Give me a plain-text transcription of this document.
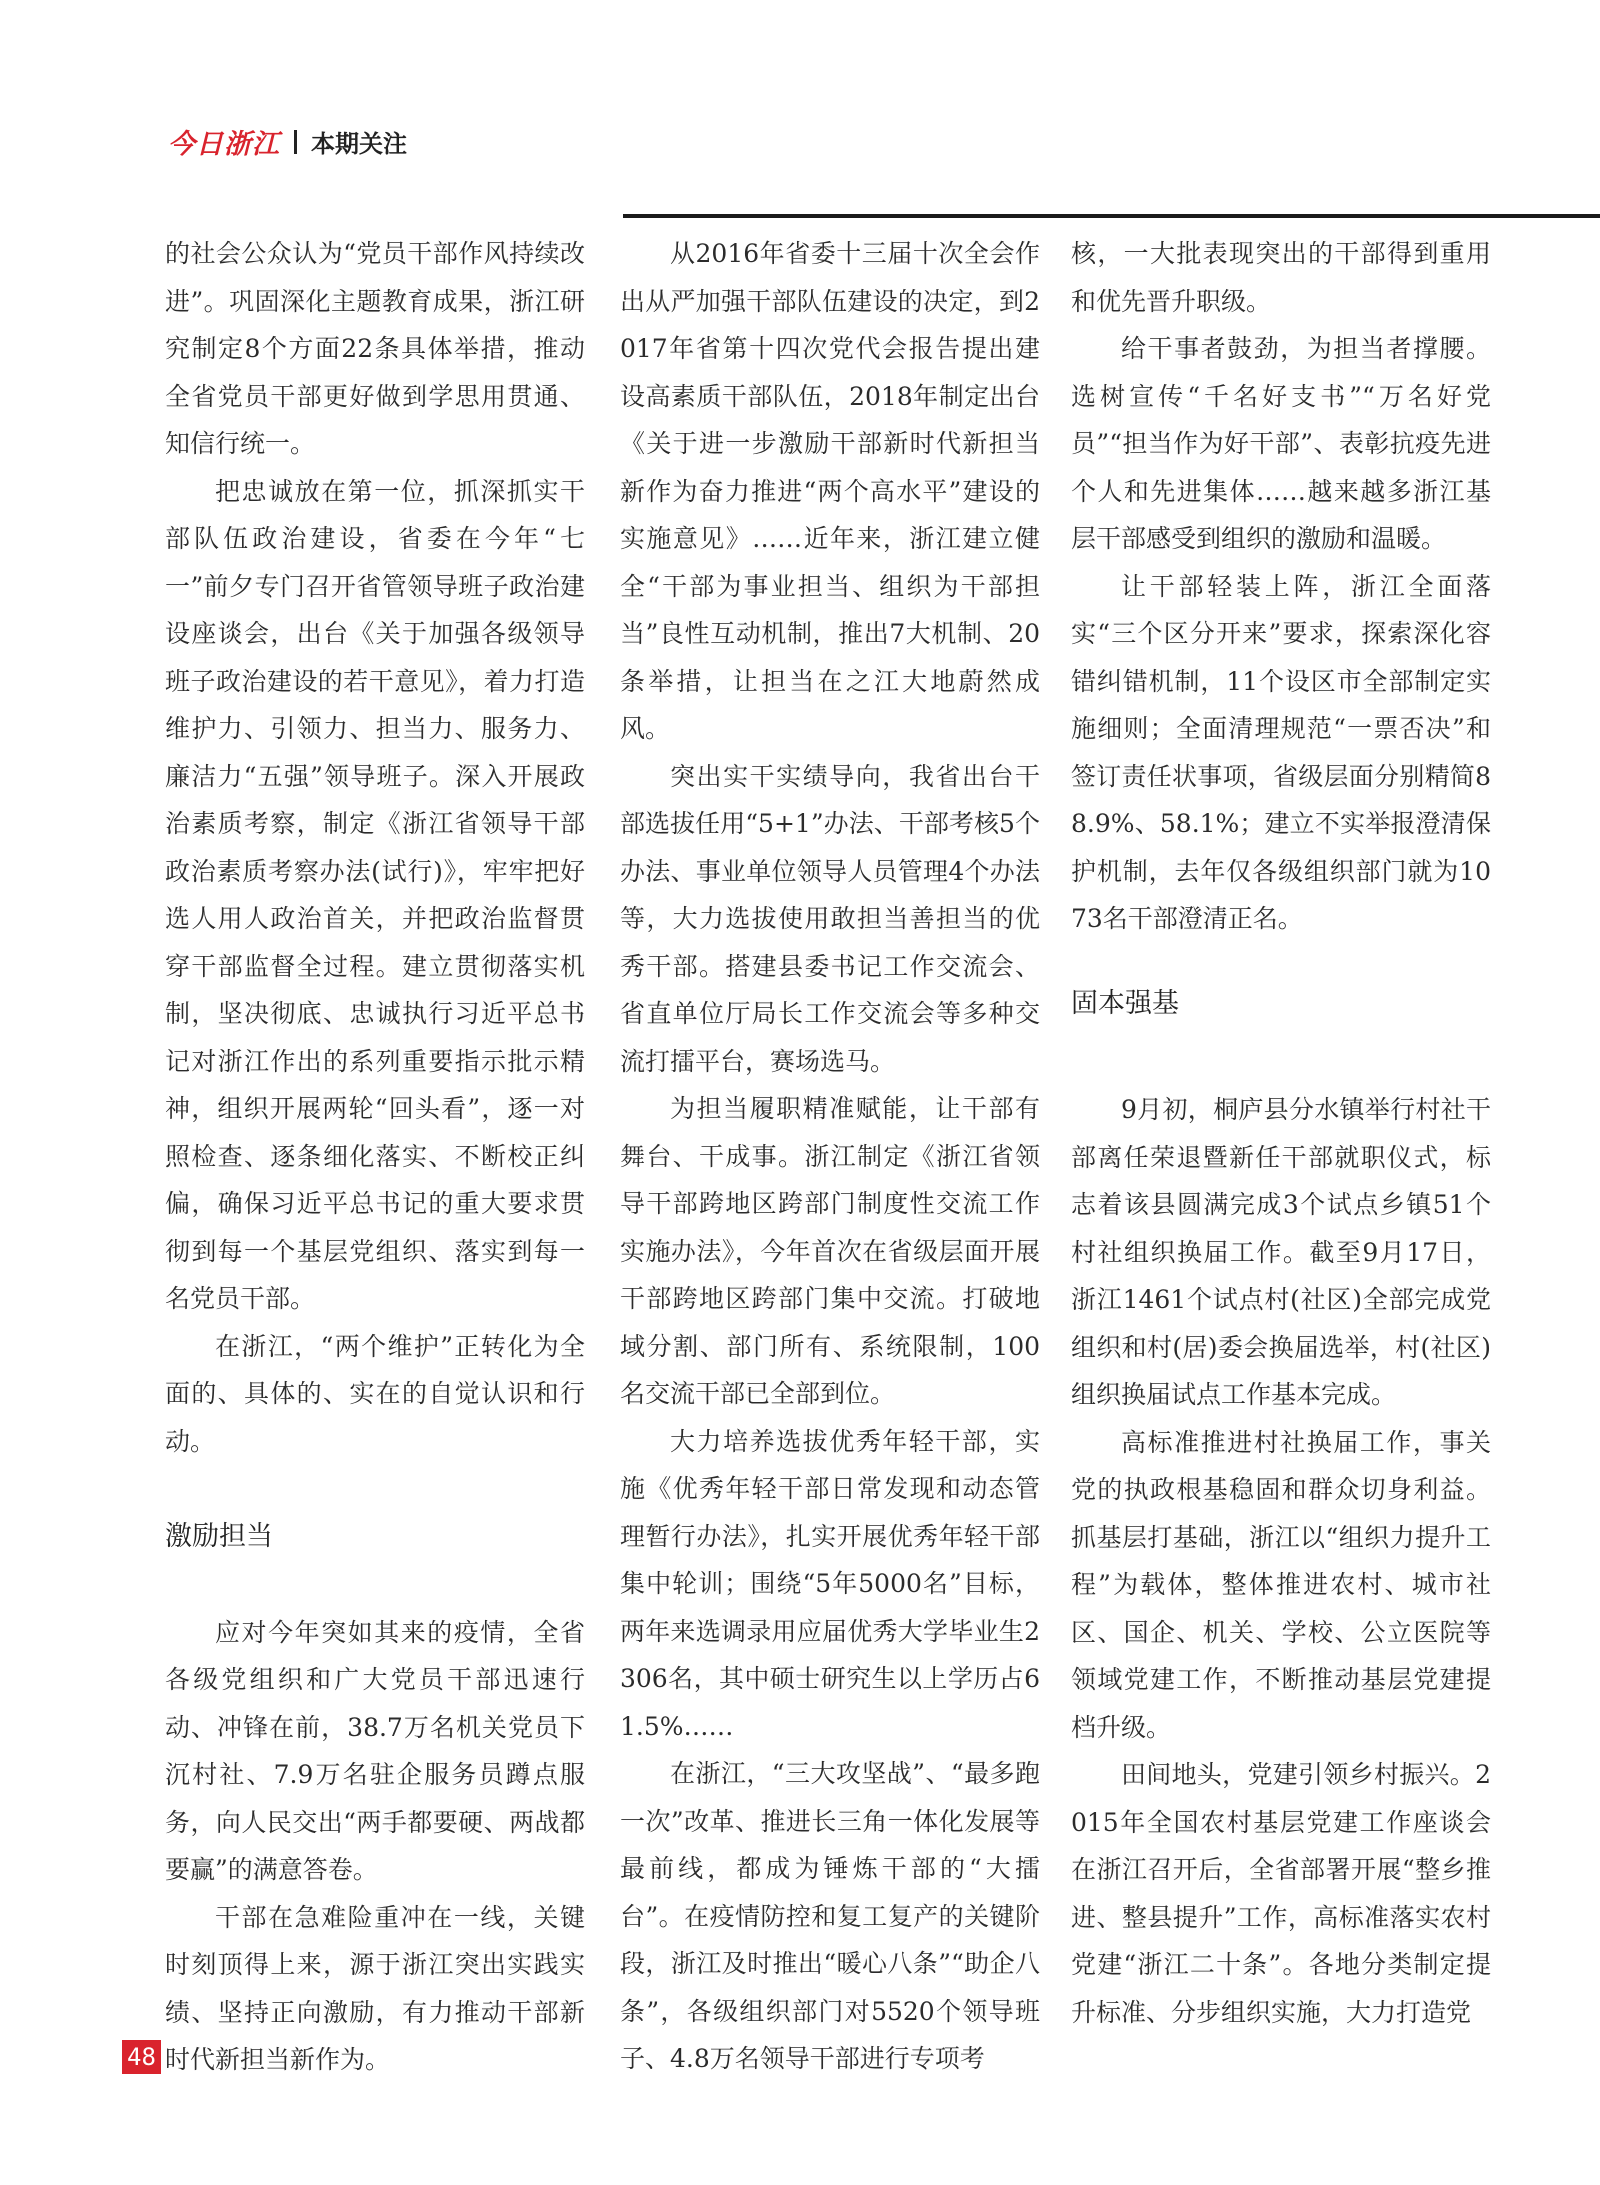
今日浙江 本期关注

的社会公众认为“党员干部作风持续改进”。巩固深化主题教育成果，浙江研究制定8个方面22条具体举措，推动全省党员干部更好做到学思用贯通、知信行统一。

把忠诚放在第一位，抓深抓实干部队伍政治建设，省委在今年“七一”前夕专门召开省管领导班子政治建设座谈会，出台《关于加强各级领导班子政治建设的若干意见》，着力打造维护力、引领力、担当力、服务力、廉洁力“五强”领导班子。深入开展政治素质考察，制定《浙江省领导干部政治素质考察办法(试行)》，牢牢把好选人用人政治首关，并把政治监督贯穿干部监督全过程。建立贯彻落实机制，坚决彻底、忠诚执行习近平总书记对浙江作出的系列重要指示批示精神，组织开展两轮“回头看”，逐一对照检查、逐条细化落实、不断校正纠偏，确保习近平总书记的重大要求贯彻到每一个基层党组织、落实到每一名党员干部。

在浙江，“两个维护”正转化为全面的、具体的、实在的自觉认识和行动。

激励担当

应对今年突如其来的疫情，全省各级党组织和广大党员干部迅速行动、冲锋在前，38.7万名机关党员下沉村社、7.9万名驻企服务员蹲点服务，向人民交出“两手都要硬、两战都要赢”的满意答卷。

干部在急难险重冲在一线，关键时刻顶得上来，源于浙江突出实践实绩、坚持正向激励，有力推动干部新时代新担当新作为。

从2016年省委十三届十次全会作出从严加强干部队伍建设的决定，到2017年省第十四次党代会报告提出建设高素质干部队伍，2018年制定出台《关于进一步激励干部新时代新担当新作为奋力推进“两个高水平”建设的实施意见》……近年来，浙江建立健全“干部为事业担当、组织为干部担当”良性互动机制，推出7大机制、20条举措，让担当在之江大地蔚然成风。

突出实干实绩导向，我省出台干部选拔任用“5+1”办法、干部考核5个办法、事业单位领导人员管理4个办法等，大力选拔使用敢担当善担当的优秀干部。搭建县委书记工作交流会、省直单位厅局长工作交流会等多种交流打擂平台，赛场选马。

为担当履职精准赋能，让干部有舞台、干成事。浙江制定《浙江省领导干部跨地区跨部门制度性交流工作实施办法》，今年首次在省级层面开展干部跨地区跨部门集中交流。打破地域分割、部门所有、系统限制，100名交流干部已全部到位。

大力培养选拔优秀年轻干部，实施《优秀年轻干部日常发现和动态管理暂行办法》，扎实开展优秀年轻干部集中轮训；围绕“5年5000名”目标，两年来选调录用应届优秀大学毕业生2306名，其中硕士研究生以上学历占61.5%……

在浙江，“三大攻坚战”、“最多跑一次”改革、推进长三角一体化发展等最前线，都成为锤炼干部的“大擂台”。在疫情防控和复工复产的关键阶段，浙江及时推出“暖心八条”“助企八条”，各级组织部门对5520个领导班子、4.8万名领导干部进行专项考

核，一大批表现突出的干部得到重用和优先晋升职级。

给干事者鼓劲，为担当者撑腰。选树宣传“千名好支书”“万名好党员”“担当作为好干部”、表彰抗疫先进个人和先进集体……越来越多浙江基层干部感受到组织的激励和温暖。

让干部轻装上阵，浙江全面落实“三个区分开来”要求，探索深化容错纠错机制，11个设区市全部制定实施细则；全面清理规范“一票否决”和签订责任状事项，省级层面分别精简88.9%、58.1%；建立不实举报澄清保护机制，去年仅各级组织部门就为1073名干部澄清正名。

固本强基

9月初，桐庐县分水镇举行村社干部离任荣退暨新任干部就职仪式，标志着该县圆满完成3个试点乡镇51个村社组织换届工作。截至9月17日，浙江1461个试点村(社区)全部完成党组织和村(居)委会换届选举，村(社区)组织换届试点工作基本完成。

高标准推进村社换届工作，事关党的执政根基稳固和群众切身利益。抓基层打基础，浙江以“组织力提升工程”为载体，整体推进农村、城市社区、国企、机关、学校、公立医院等领域党建工作，不断推动基层党建提档升级。

田间地头，党建引领乡村振兴。2015年全国农村基层党建工作座谈会在浙江召开后，全省部署开展“整乡推进、整县提升”工作，高标准落实农村党建“浙江二十条”。各地分类制定提升标准、分步组织实施，大力打造党

48
